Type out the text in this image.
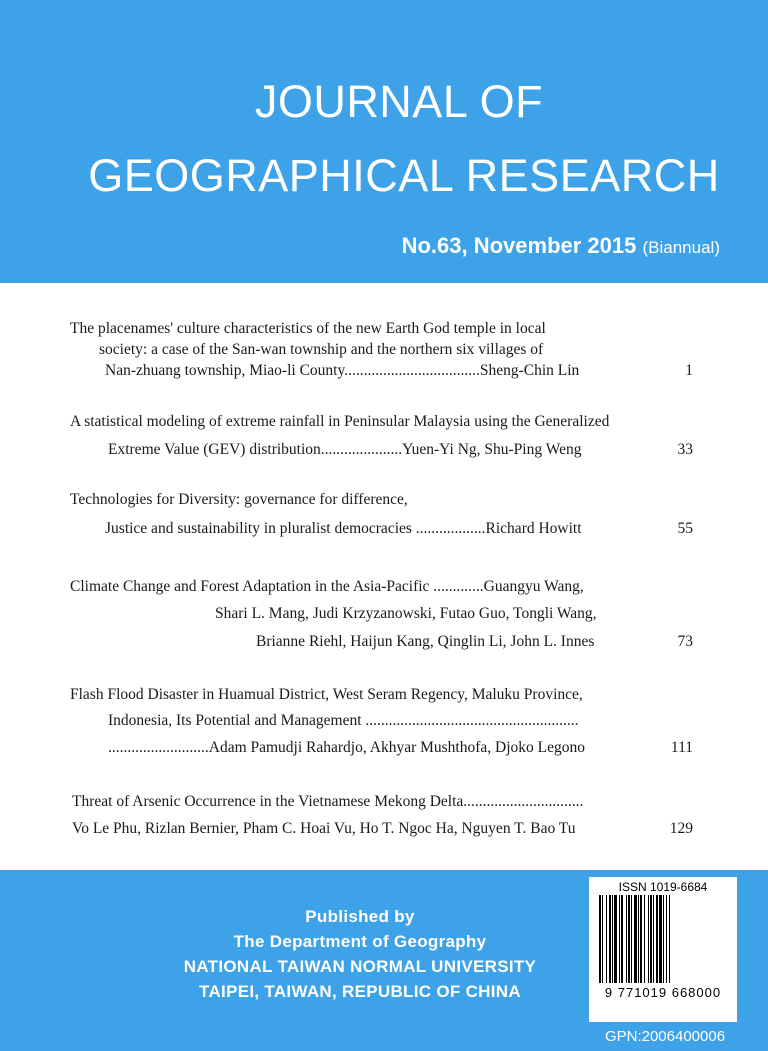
JOURNAL OF
GEOGRAPHICAL RESEARCH
No.63, November 2015 (Biannual)
The placenames' culture characteristics of the new Earth God temple in local
society: a case of the San-wan township and the northern six villages of
Nan-zhuang township, Miao-li County...................................Sheng-Chin Lin	1
A statistical modeling of extreme rainfall in Peninsular Malaysia using the Generalized
Extreme Value (GEV) distribution.....................Yuen-Yi Ng, Shu-Ping Weng	33
Technologies for Diversity: governance for difference,
Justice and sustainability in pluralist democracies ..................Richard Howitt	55
Climate Change and Forest Adaptation in the Asia-Pacific .............Guangyu Wang,
Shari L. Mang, Judi Krzyzanowski, Futao Guo, Tongli Wang,
Brianne Riehl, Haijun Kang, Qinglin Li, John L. Innes	73
Flash Flood Disaster in Huamual District, West Seram Regency, Maluku Province,
Indonesia, Its Potential and Management .......................................................
..........................Adam Pamudji Rahardjo, Akhyar Mushthofa, Djoko Legono	111
Threat of Arsenic Occurrence in the Vietnamese Mekong Delta...............................
Vo Le Phu, Rizlan Bernier, Pham C. Hoai Vu, Ho T. Ngoc Ha, Nguyen T. Bao Tu	129
Published by
The Department of Geography
NATIONAL TAIWAN NORMAL UNIVERSITY
TAIPEI, TAIWAN, REPUBLIC OF CHINA
ISSN 1019-6684
9 771019 668000
GPN:2006400006
